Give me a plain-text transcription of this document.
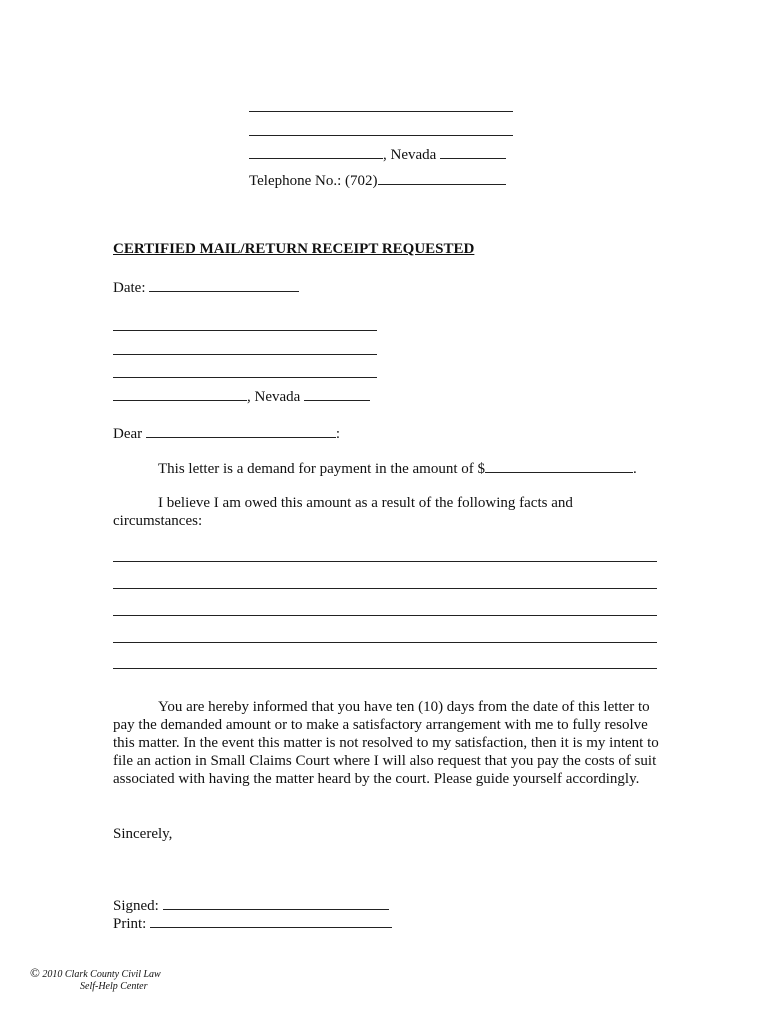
, Nevada
Telephone No.: (702)
CERTIFIED MAIL/RETURN RECEIPT REQUESTED
Date:
, Nevada
Dear	:
This letter is a demand for payment in the amount of $	.
I believe I am owed this amount as a result of the following facts and circumstances:
You are hereby informed that you have ten (10) days from the date of this letter to pay the demanded amount or to make a satisfactory arrangement with me to fully resolve this matter. In the event this matter is not resolved to my satisfaction, then it is my intent to file an action in Small Claims Court where I will also request that you pay the costs of suit associated with having the matter heard by the court. Please guide yourself accordingly.
Sincerely,
Signed:
Print:
© 2010 Clark County Civil Law
Self-Help Center
